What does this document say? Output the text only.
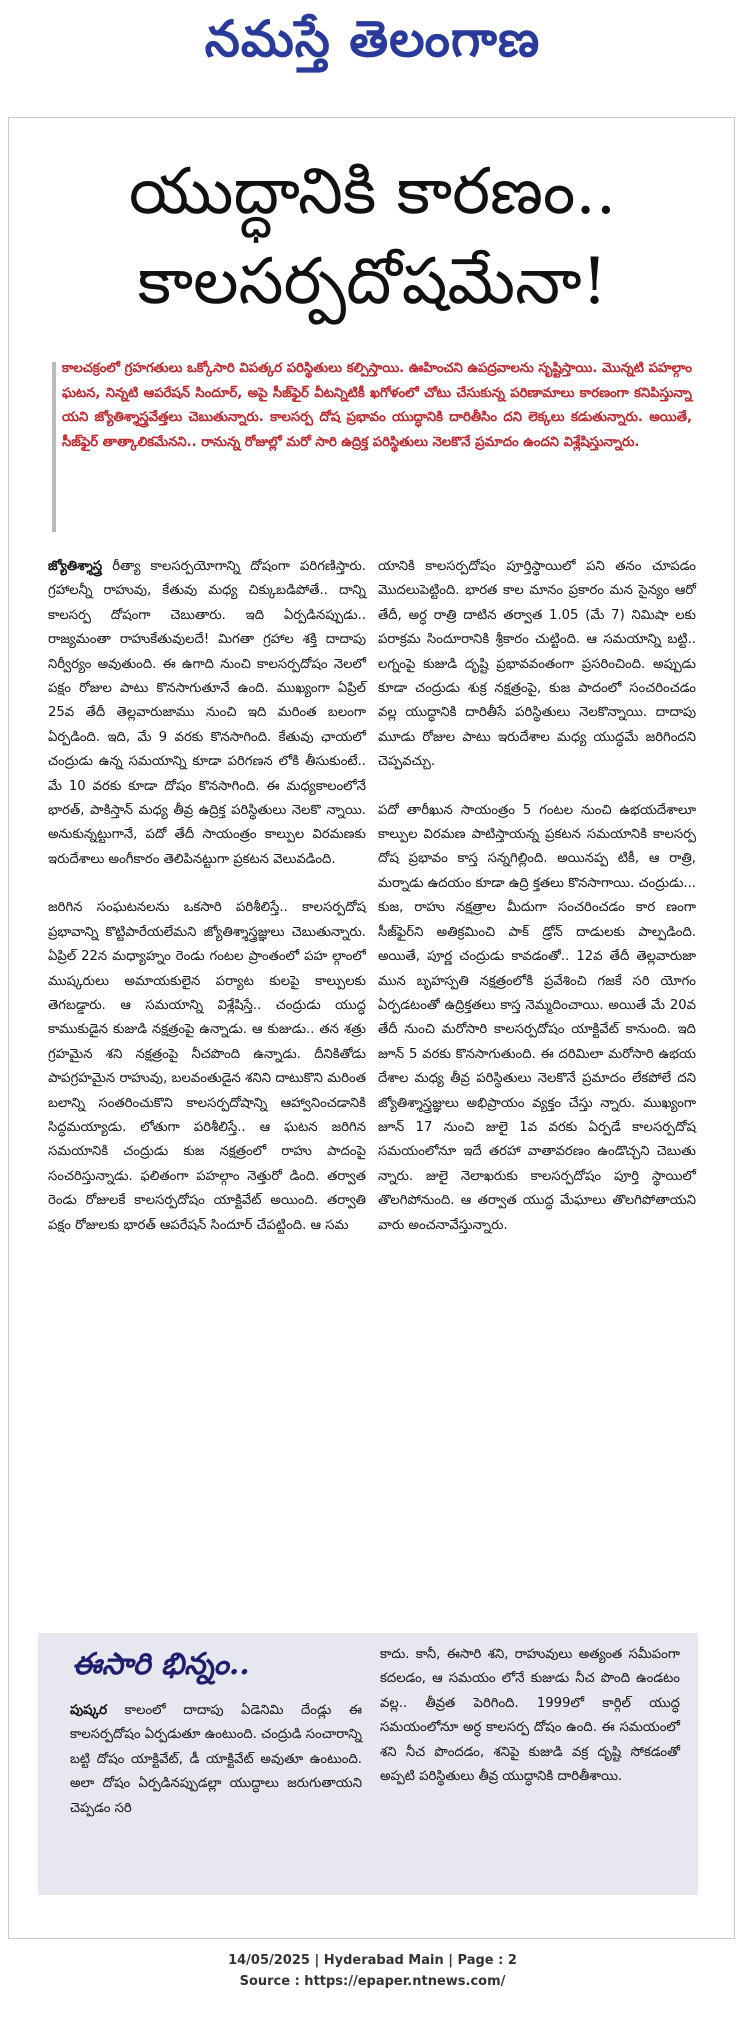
నమస్తే తెలంగాణ
యుద్ధానికి కారణం..
కాలసర్పదోషమేనా!
కాలచక్రంలో గ్రహగతులు ఒక్కోసారి విపత్కర పరిస్థితులు కల్పిస్తాయి. ఊహించని ఉపద్రవాలను సృష్టిస్తాయి. మొన్నటి పహల్గాం ఘటన, నిన్నటి ఆపరేషన్ సిందూర్, అపై సీజ్‌ఫైర్ వీటన్నిటికీ ఖగోళంలో చోటు చేసుకున్న పరిణామాలు కారణంగా కనిపిస్తున్నా యని జ్యోతిశ్శాస్త్రవేత్తలు చెబుతున్నారు. కాలసర్ప దోష ప్రభావం యుద్ధానికి దారితీసిం దని లెక్కలు కడుతున్నారు. అయితే, సీజ్‌ఫైర్ తాత్కాలికమేనని.. రానున్న రోజుల్లో మరో సారి ఉద్రిక్త పరిస్థితులు నెలకొనే ప్రమాదం ఉందని విశ్లేషిస్తున్నారు.

జ్యోతిశ్శాస్త్ర రీత్యా కాలసర్పయోగాన్ని దోషంగా పరిగణిస్తారు. గ్రహాలన్నీ రాహువు, కేతువు మధ్య చిక్కుబడిపోతే.. దాన్ని కాలసర్ప దోషంగా చెబుతారు. ఇది ఏర్పడినప్పుడు.. రాజ్యమంతా రాహుకేతువులదే! మిగతా గ్రహాల శక్తి దాదాపు నిర్వీర్యం అవుతుంది. ఈ ఉగాది నుంచి కాలసర్పదోషం నెలలో పక్షం రోజుల పాటు కొనసాగుతూనే ఉంది. ముఖ్యంగా ఏప్రిల్ 25వ తేదీ తెల్లవారుజాము నుంచి ఇది మరింత బలంగా ఏర్పడింది. ఇది, మే 9 వరకు కొనసాగింది. కేతువు ఛాయలో చంద్రుడు ఉన్న సమయాన్ని కూడా పరిగణన లోకి తీసుకుంటే.. మే 10 వరకు కూడా దోషం కొనసాగింది. ఈ మధ్యకాలంలోనే భారత్, పాకిస్తాన్ మధ్య తీవ్ర ఉద్రిక్త పరిస్థితులు నెలకొ న్నాయి. అనుకున్నట్టుగానే, పదో తేదీ సాయంత్రం కాల్పుల విరమణకు ఇరుదేశాలు అంగీకారం తెలిపినట్టుగా ప్రకటన వెలువడింది.

జరిగిన సంఘటనలను ఒకసారి పరిశీలిస్తే.. కాలసర్పదోష ప్రభావాన్ని కొట్టిపారేయలేమని జ్యోతిశ్శాస్త్రజ్ఞులు చెబుతున్నారు. ఏప్రిల్ 22న మధ్యాహ్నం రెండు గంటల ప్రాంతంలో పహ ల్గాంలో ముష్కరులు అమాయకులైన పర్యాట కులపై కాల్పులకు తెగబడ్డారు. ఆ సమయాన్ని విశ్లేషిస్తే.. చంద్రుడు యుద్ధ కాముకుడైన కుజుడి నక్షత్రంపై ఉన్నాడు. ఆ కుజుడు.. తన శత్రు గ్రహమైన శని నక్షత్రంపై నీచపొంది ఉన్నాడు. దీనికితోడు పాపగ్రహమైన రాహువు, బలవంతుడైన శనిని దాటుకొని మరింత బలాన్ని సంతరించుకొని కాలసర్పదోషాన్ని ఆహ్వానించడానికి సిద్ధమయ్యాడు. లోతుగా పరిశీలిస్తే.. ఆ ఘటన జరిగిన సమయానికి చంద్రుడు కుజ నక్షత్రంలో రాహు పాదంపై సంచరిస్తున్నాడు. ఫలితంగా పహల్గాం నెత్తురో డింది. తర్వాత రెండు రోజులకే కాలసర్పదోషం యాక్టివేట్ అయింది. తర్వాతి పక్షం రోజులకు భారత్ ఆపరేషన్ సిందూర్ చేపట్టింది. ఆ సమ

యానికి కాలసర్పదోషం పూర్తిస్థాయిలో పని తనం చూపడం మొదలుపెట్టింది. భారత కాల మానం ప్రకారం మన సైన్యం ఆరో తేదీ, అర్ధ రాత్రి దాటిన తర్వాత 1.05 (మే 7) నిమిషా లకు పరాక్రమ సిందూరానికి శ్రీకారం చుట్టింది. ఆ సమయాన్ని బట్టి.. లగ్నంపై కుజుడి దృష్టి ప్రభావవంతంగా ప్రసరించింది. అప్పుడు కూడా చంద్రుడు శుక్ర నక్షత్రంపై, కుజ పాదంలో సంచరించడం వల్ల యుద్ధానికి దారితీసే పరిస్థితులు నెలకొన్నాయి. దాదాపు మూడు రోజుల పాటు ఇరుదేశాల మధ్య యుద్ధమే జరిగిందని చెప్పవచ్చు.

పదో తారీఖున సాయంత్రం 5 గంటల నుంచి ఉభయదేశాలూ కాల్పుల విరమణ పాటిస్తాయన్న ప్రకటన సమయానికి కాలసర్ప దోష ప్రభావం కాస్త సన్నగిల్లింది. అయినప్ప టికీ, ఆ రాత్రి, మర్నాడు ఉదయం కూడా ఉద్రి క్తతలు కొనసాగాయి. చంద్రుడు... కుజ, రాహు నక్షత్రాల మీదుగా సంచరించడం కార ణంగా సీజ్‌ఫైర్‌ని అతిక్రమించి పాక్ డ్రోన్ దాడులకు పాల్పడింది. అయితే, పూర్ణ చంద్రుడు కావడంతో.. 12వ తేదీ తెల్లవారుజా మున బృహస్పతి నక్షత్రంలోకి ప్రవేశించి గజకే సరి యోగం ఏర్పడటంతో ఉద్రిక్తతలు కాస్త నెమ్మదించాయి. అయితే మే 20వ తేదీ నుంచి మరోసారి కాలసర్పదోషం యాక్టివేట్ కానుంది. ఇది జూన్ 5 వరకు కొనసాగుతుంది. ఈ దరిమిలా మరోసారి ఉభయ దేశాల మధ్య తీవ్ర పరిస్థితులు నెలకొనే ప్రమాదం లేకపోలే దని జ్యోతిశ్శాస్త్రజ్ఞులు అభిప్రాయం వ్యక్తం చేస్తు న్నారు. ముఖ్యంగా జూన్ 17 నుంచి జులై 1వ వరకు ఏర్పడే కాలసర్పదోష సమయంలోనూ ఇదే తరహా వాతావరణం ఉండొచ్చని చెబుతు న్నారు. జులై నెలాఖరుకు కాలసర్పదోషం పూర్తి స్థాయిలో తొలగిపోనుంది. ఆ తర్వాత యుద్ధ మేఘాలు తొలగిపోతాయని వారు అంచనావేస్తున్నారు.

ఈసారి భిన్నం..
పుష్కర కాలంలో దాదాపు ఏడెనిమి దేండ్లు ఈ కాలసర్పదోషం ఏర్పడుతూ ఉంటుంది. చంద్రుడి సంచారాన్ని బట్టి దోషం యాక్టివేట్, డీ యాక్టివేట్ అవుతూ ఉంటుంది. అలా దోషం ఏర్పడినప్పుడల్లా యుద్ధాలు జరుగుతాయని చెప్పడం సరి
కాదు. కానీ, ఈసారి శని, రాహువులు అత్యంత సమీపంగా కదలడం, ఆ సమయం లోనే కుజుడు నీచ పొంది ఉండటం వల్ల.. తీవ్రత పెరిగింది. 1999లో కార్గిల్ యుద్ధ సమయంలోనూ అర్ధ కాలసర్ప దోషం ఉంది. ఈ సమయంలో శని నీచ పొందడం, శనిపై కుజుడి వక్ర దృష్టి సోకడంతో అప్పటి పరిస్థితులు తీవ్ర యుద్ధానికి దారితీశాయి.
14/05/2025 | Hyderabad Main | Page : 2
Source : https://epaper.ntnews.com/
